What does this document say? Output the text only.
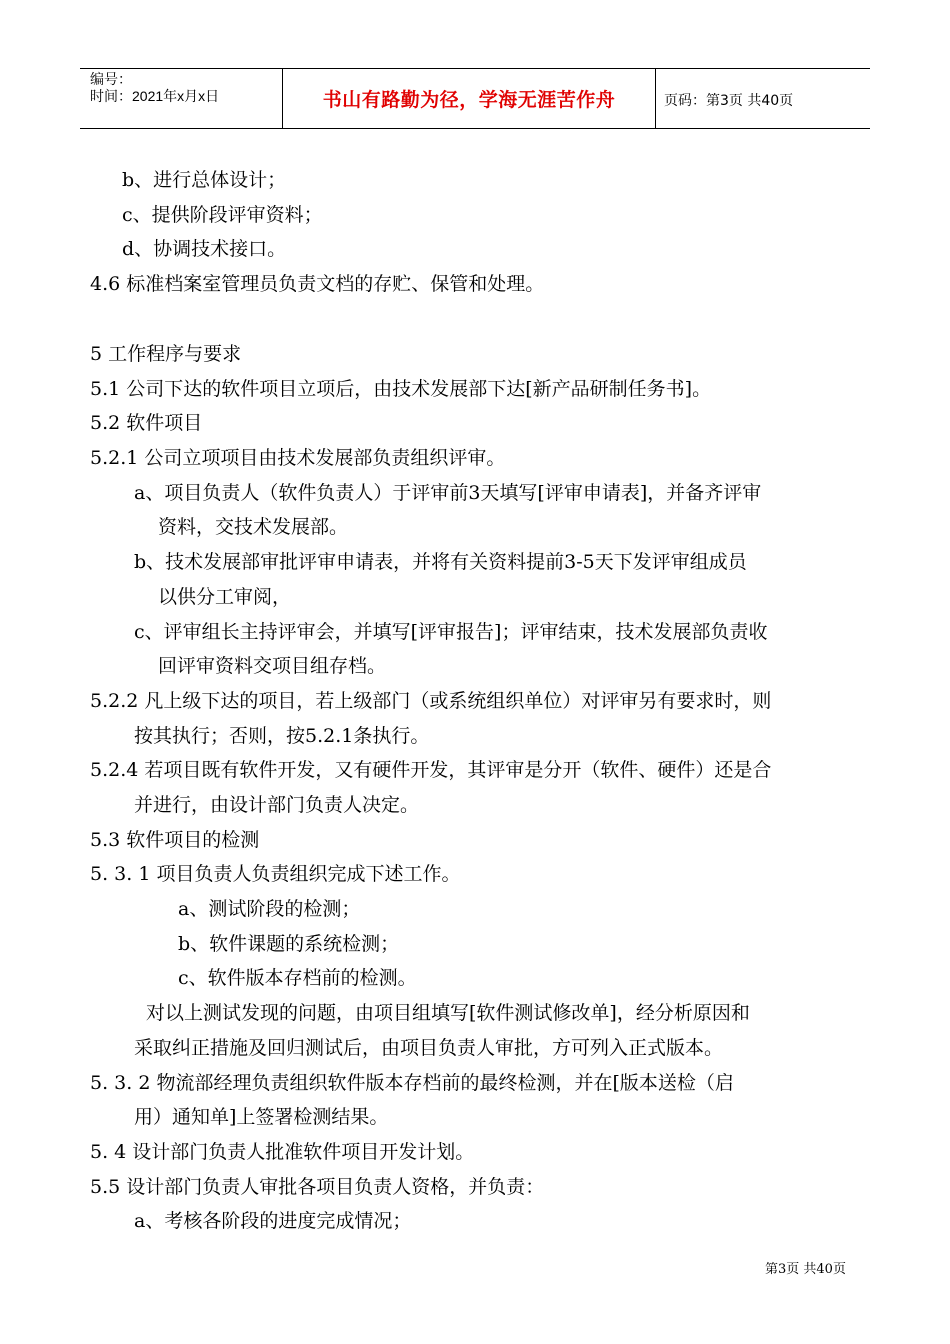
编号：
时间：2021年x月x日	书山有路勤为径，学海无涯苦作舟	页码：第3页 共40页
b、进行总体设计；
c、提供阶段评审资料；
d、协调技术接口。
4.6 标准档案室管理员负责文档的存贮、保管和处理。
5 工作程序与要求
5.1 公司下达的软件项目立项后，由技术发展部下达[新产品研制任务书]。
5.2 软件项目
5.2.1 公司立项项目由技术发展部负责组织评审。
a、项目负责人（软件负责人）于评审前3天填写[评审申请表]，并备齐评审
资料，交技术发展部。
b、技术发展部审批评审申请表，并将有关资料提前3-5天下发评审组成员
以供分工审阅，
c、评审组长主持评审会，并填写[评审报告]；评审结束，技术发展部负责收
回评审资料交项目组存档。
5.2.2 凡上级下达的项目，若上级部门（或系统组织单位）对评审另有要求时，则
按其执行；否则，按5.2.1条执行。
5.2.4 若项目既有软件开发，又有硬件开发，其评审是分开（软件、硬件）还是合
并进行，由设计部门负责人决定。
5.3 软件项目的检测
5. 3. 1 项目负责人负责组织完成下述工作。
a、测试阶段的检测；
b、软件课题的系统检测；
c、软件版本存档前的检测。
对以上测试发现的问题，由项目组填写[软件测试修改单]，经分析原因和
采取纠正措施及回归测试后，由项目负责人审批，方可列入正式版本。
5. 3. 2 物流部经理负责组织软件版本存档前的最终检测，并在[版本送检（启
用）通知单]上签署检测结果。
5. 4 设计部门负责人批准软件项目开发计划。
5.5 设计部门负责人审批各项目负责人资格，并负责：
a、考核各阶段的进度完成情况；
第3页 共40页
